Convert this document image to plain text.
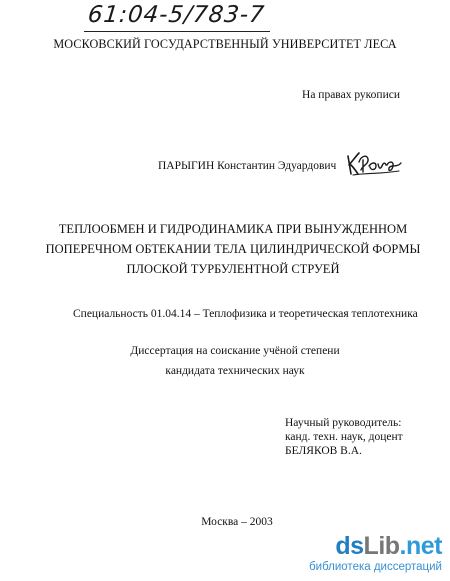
61:04-5/783-7
МОСКОВСКИЙ ГОСУДАРСТВЕННЫЙ УНИВЕРСИТЕТ ЛЕСА
На правах рукописи
ПАРЫГИН Константин Эдуардович
ТЕПЛООБМЕН И ГИДРОДИНАМИКА ПРИ ВЫНУЖДЕННОМ
ПОПЕРЕЧНОМ ОБТЕКАНИИ ТЕЛА ЦИЛИНДРИЧЕСКОЙ ФОРМЫ
ПЛОСКОЙ ТУРБУЛЕНТНОЙ СТРУЕЙ
Специальность 01.04.14 – Теплофизика и теоретическая теплотехника
Диссертация на соискание учёной степени
кандидата технических наук
Научный руководитель:
канд. техн. наук, доцент
БЕЛЯКОВ В.А.
Москва – 2003
dsLib.net
библиотека диссертаций
